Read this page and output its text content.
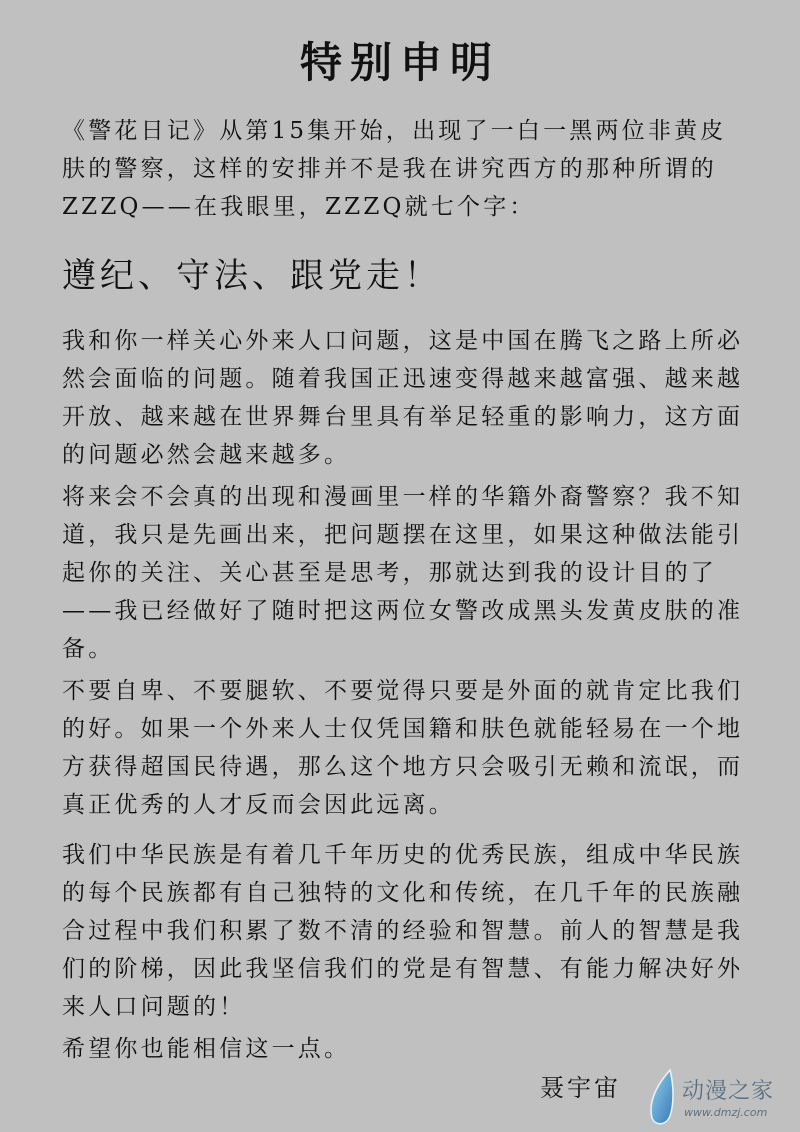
特别申明

《警花日记》从第15集开始，出现了一白一黑两位非黄皮肤的警察，这样的安排并不是我在讲究西方的那种所谓的ZZZQ——在我眼里，ZZZQ就七个字：

遵纪、守法、跟党走！

我和你一样关心外来人口问题，这是中国在腾飞之路上所必然会面临的问题。随着我国正迅速变得越来越富强、越来越开放、越来越在世界舞台里具有举足轻重的影响力，这方面的问题必然会越来越多。

将来会不会真的出现和漫画里一样的华籍外裔警察？我不知道，我只是先画出来，把问题摆在这里，如果这种做法能引起你的关注、关心甚至是思考，那就达到我的设计目的了——我已经做好了随时把这两位女警改成黑头发黄皮肤的准备。

不要自卑、不要腿软、不要觉得只要是外面的就肯定比我们的好。如果一个外来人士仅凭国籍和肤色就能轻易在一个地方获得超国民待遇，那么这个地方只会吸引无赖和流氓，而真正优秀的人才反而会因此远离。

我们中华民族是有着几千年历史的优秀民族，组成中华民族的每个民族都有自己独特的文化和传统，在几千年的民族融合过程中我们积累了数不清的经验和智慧。前人的智慧是我们的阶梯，因此我坚信我们的党是有智慧、有能力解决好外来人口问题的！

希望你也能相信这一点。

聂宇宙	动漫之家
www.dmzj.com
